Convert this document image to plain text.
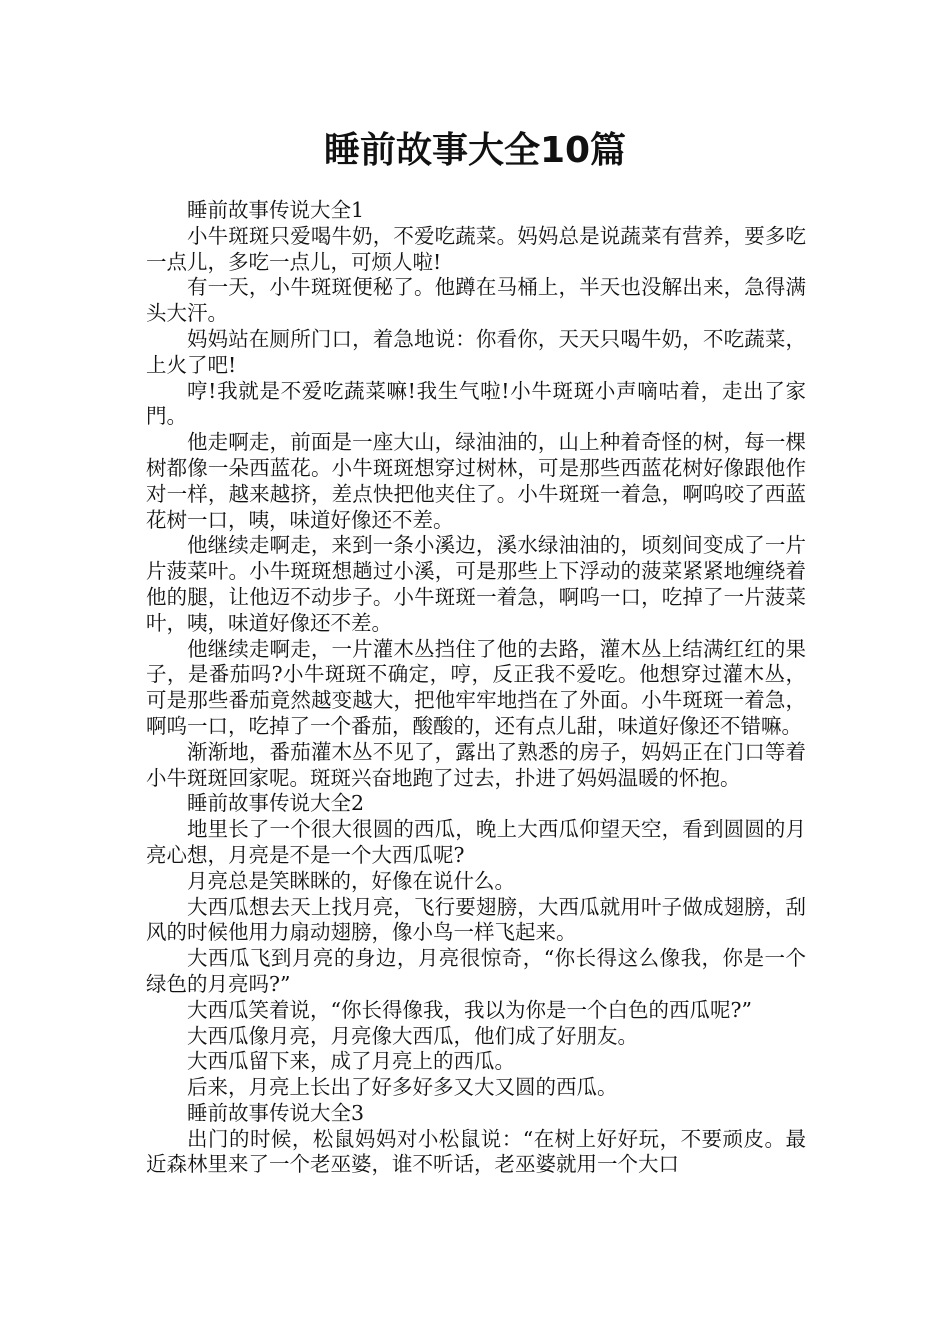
睡前故事大全10篇

睡前故事传说大全1

小牛斑斑只爱喝牛奶，不爱吃蔬菜。妈妈总是说蔬菜有营养，要多吃一点儿，多吃一点儿，可烦人啦!

有一天，小牛斑斑便秘了。他蹲在马桶上，半天也没解出来，急得满头大汗。

妈妈站在厕所门口，着急地说：你看你，天天只喝牛奶，不吃蔬菜，上火了吧!

哼!我就是不爱吃蔬菜嘛!我生气啦!小牛斑斑小声嘀咕着，走出了家門。

他走啊走，前面是一座大山，绿油油的，山上种着奇怪的树，每一棵树都像一朵西蓝花。小牛斑斑想穿过树林，可是那些西蓝花树好像跟他作对一样，越来越挤，差点快把他夹住了。小牛斑斑一着急，啊呜咬了西蓝花树一口，咦，味道好像还不差。

他继续走啊走，来到一条小溪边，溪水绿油油的，顷刻间变成了一片片菠菜叶。小牛斑斑想趟过小溪，可是那些上下浮动的菠菜紧紧地缠绕着他的腿，让他迈不动步子。小牛斑斑一着急，啊呜一口，吃掉了一片菠菜叶，咦，味道好像还不差。

他继续走啊走，一片灌木丛挡住了他的去路，灌木丛上结满红红的果子，是番茄吗?小牛斑斑不确定，哼，反正我不爱吃。他想穿过灌木丛，可是那些番茄竟然越变越大，把他牢牢地挡在了外面。小牛斑斑一着急，啊呜一口，吃掉了一个番茄，酸酸的，还有点儿甜，味道好像还不错嘛。

渐渐地，番茄灌木丛不见了，露出了熟悉的房子，妈妈正在门口等着小牛斑斑回家呢。斑斑兴奋地跑了过去，扑进了妈妈温暖的怀抱。

睡前故事传说大全2

地里长了一个很大很圆的西瓜，晚上大西瓜仰望天空，看到圆圆的月亮心想，月亮是不是一个大西瓜呢?

月亮总是笑眯眯的，好像在说什么。

大西瓜想去天上找月亮，飞行要翅膀，大西瓜就用叶子做成翅膀，刮风的时候他用力扇动翅膀，像小鸟一样飞起来。

大西瓜飞到月亮的身边，月亮很惊奇，“你长得这么像我，你是一个绿色的月亮吗?”

大西瓜笑着说，“你长得像我，我以为你是一个白色的西瓜呢?”

大西瓜像月亮，月亮像大西瓜，他们成了好朋友。

大西瓜留下来，成了月亮上的西瓜。

后来，月亮上长出了好多好多又大又圆的西瓜。

睡前故事传说大全3

出门的时候，松鼠妈妈对小松鼠说：“在树上好好玩，不要顽皮。最近森林里来了一个老巫婆，谁不听话，老巫婆就用一个大口
